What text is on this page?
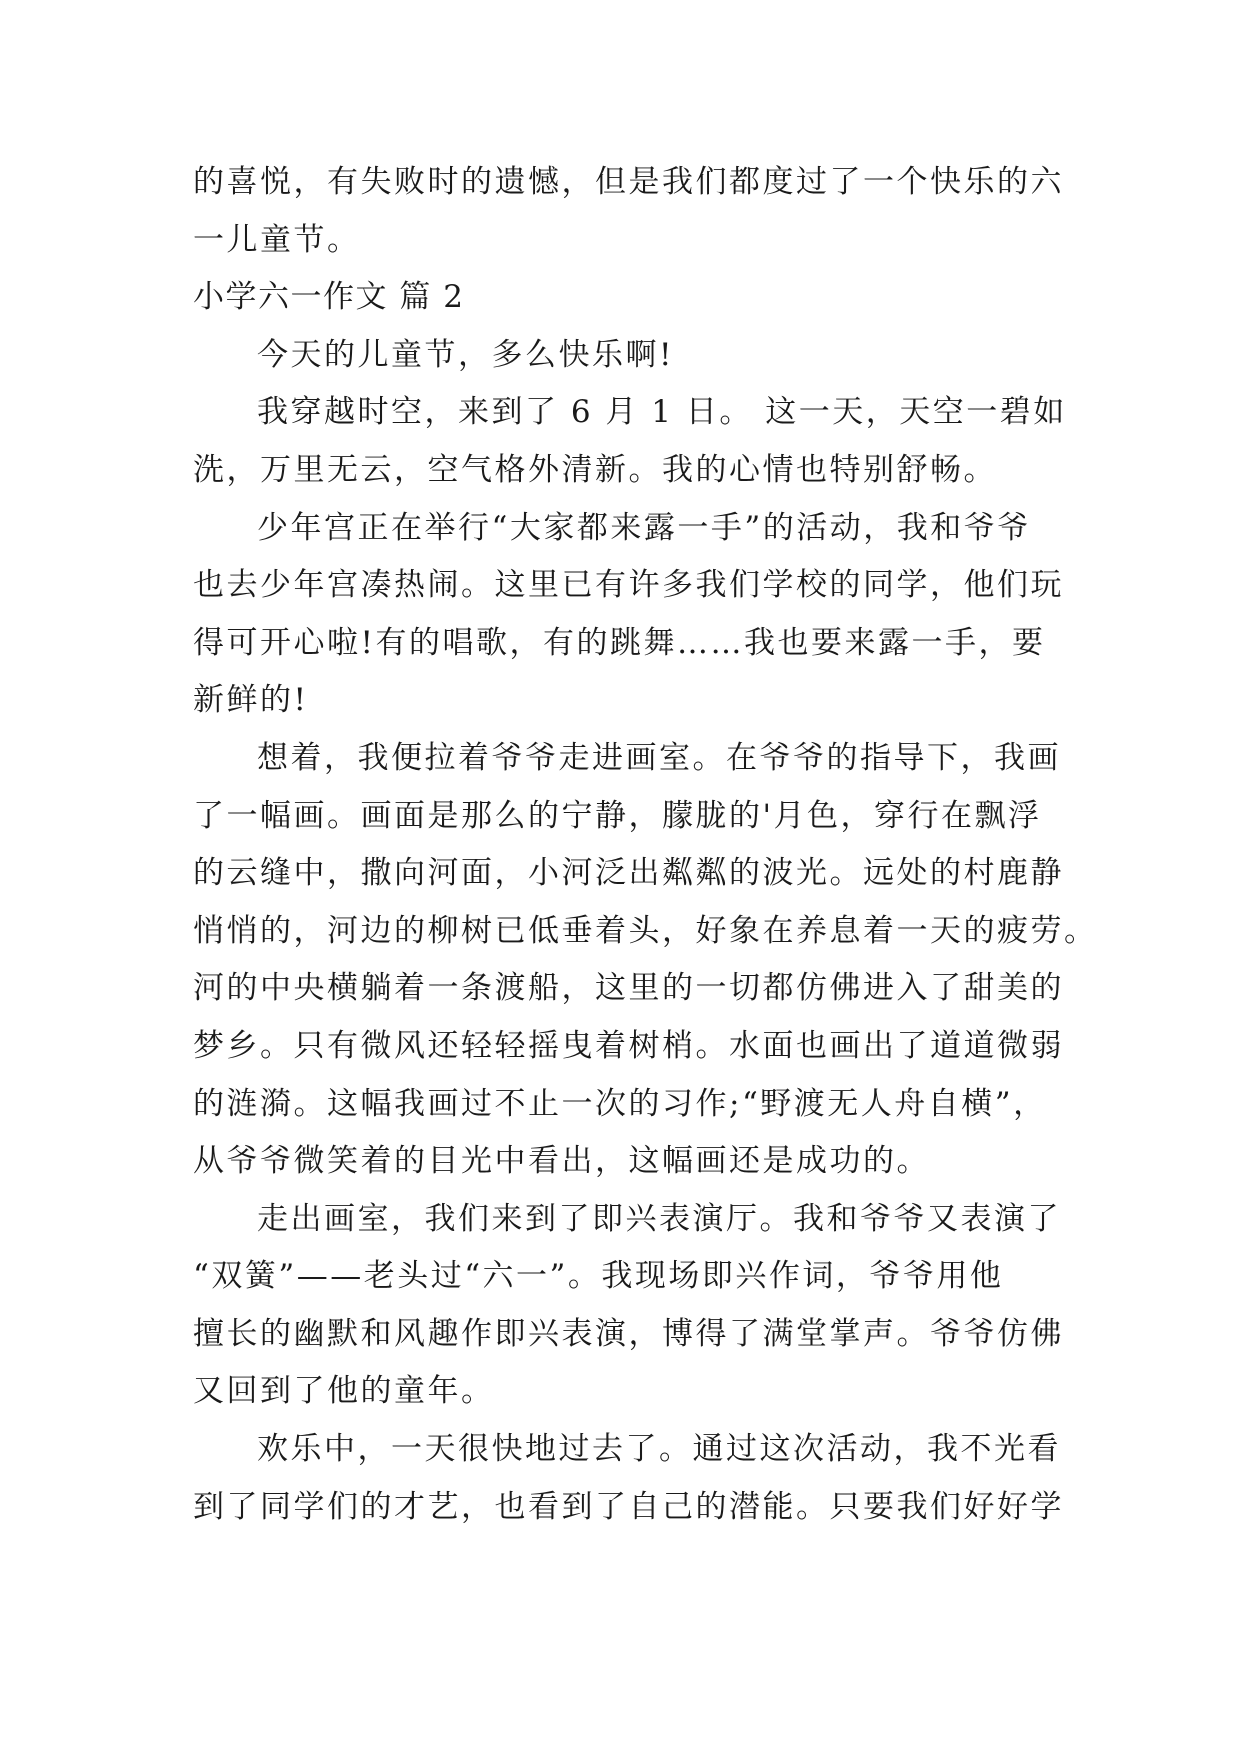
的喜悦，有失败时的遗憾，但是我们都度过了一个快乐的六
一儿童节。
小学六一作文 篇 2
今天的儿童节，多么快乐啊!
我穿越时空，来到了 6 月 1 日。 这一天，天空一碧如
洗，万里无云，空气格外清新。我的心情也特别舒畅。
少年宫正在举行“大家都来露一手”的活动，我和爷爷
也去少年宫凑热闹。这里已有许多我们学校的同学，他们玩
得可开心啦!有的唱歌，有的跳舞……我也要来露一手，要
新鲜的!
想着，我便拉着爷爷走进画室。在爷爷的指导下，我画
了一幅画。画面是那么的宁静，朦胧的'月色，穿行在飘浮
的云缝中，撒向河面，小河泛出粼粼的波光。远处的村鹿静
悄悄的，河边的柳树已低垂着头，好象在养息着一天的疲劳。
河的中央横躺着一条渡船，这里的一切都仿佛进入了甜美的
梦乡。只有微风还轻轻摇曳着树梢。水面也画出了道道微弱
的涟漪。这幅我画过不止一次的习作;“野渡无人舟自横”，
从爷爷微笑着的目光中看出，这幅画还是成功的。
走出画室，我们来到了即兴表演厅。我和爷爷又表演了
“双簧”——老头过“六一”。我现场即兴作词，爷爷用他
擅长的幽默和风趣作即兴表演，博得了满堂掌声。爷爷仿佛
又回到了他的童年。
欢乐中，一天很快地过去了。通过这次活动，我不光看
到了同学们的才艺，也看到了自己的潜能。只要我们好好学
